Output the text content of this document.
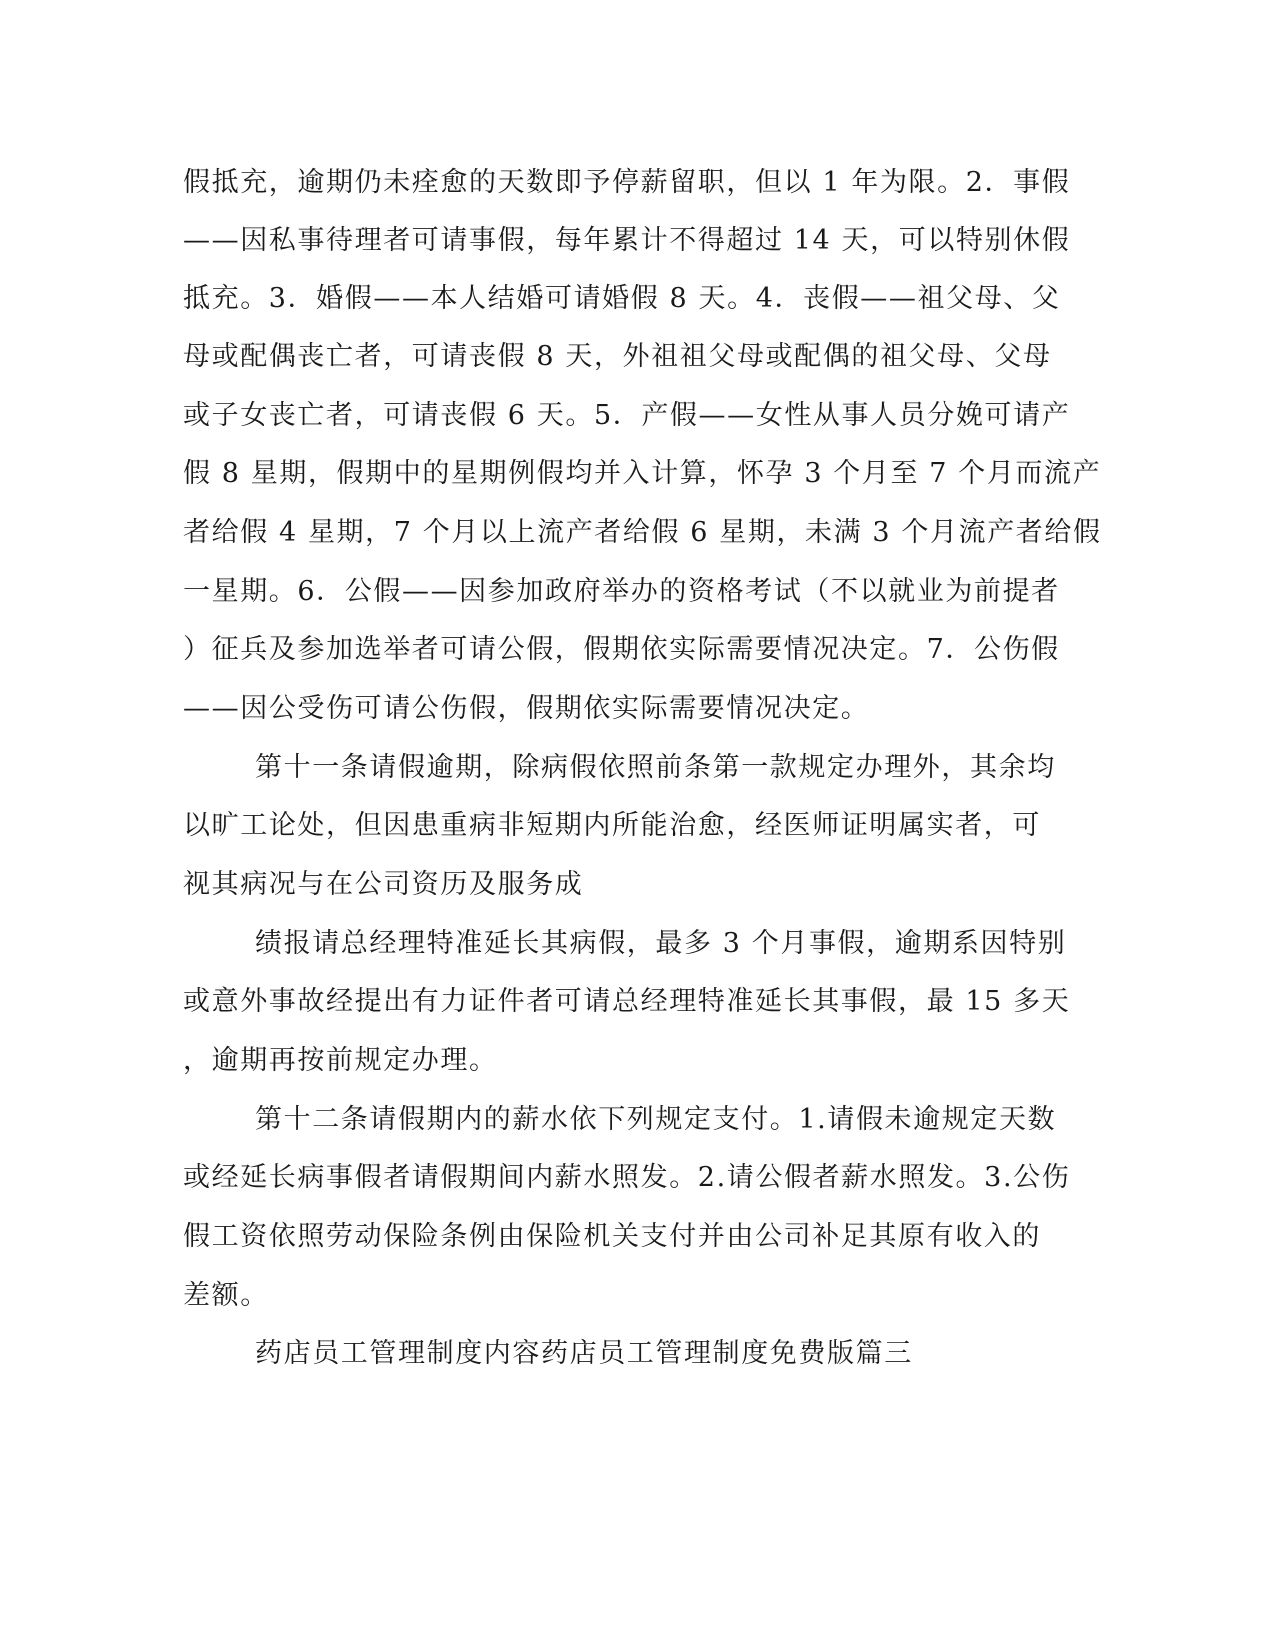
假抵充，逾期仍未痊愈的天数即予停薪留职，但以 1 年为限。2．事假
——因私事待理者可请事假，每年累计不得超过 14 天，可以特别休假
抵充。3．婚假——本人结婚可请婚假 8 天。4．丧假——祖父母、父
母或配偶丧亡者，可请丧假 8 天，外祖祖父母或配偶的祖父母、父母
或子女丧亡者，可请丧假 6 天。5．产假——女性从事人员分娩可请产
假 8 星期，假期中的星期例假均并入计算，怀孕 3 个月至 7 个月而流产
者给假 4 星期，7 个月以上流产者给假 6 星期，未满 3 个月流产者给假
一星期。6．公假——因参加政府举办的资格考试（不以就业为前提者
）征兵及参加选举者可请公假，假期依实际需要情况决定。7．公伤假
——因公受伤可请公伤假，假期依实际需要情况决定。
第十一条请假逾期，除病假依照前条第一款规定办理外，其余均
以旷工论处，但因患重病非短期内所能治愈，经医师证明属实者，可
视其病况与在公司资历及服务成
绩报请总经理特准延长其病假，最多 3 个月事假，逾期系因特别
或意外事故经提出有力证件者可请总经理特准延长其事假，最 15 多天
，逾期再按前规定办理。
第十二条请假期内的薪水依下列规定支付。1.请假未逾规定天数
或经延长病事假者请假期间内薪水照发。2.请公假者薪水照发。3.公伤
假工资依照劳动保险条例由保险机关支付并由公司补足其原有收入的
差额。
药店员工管理制度内容药店员工管理制度免费版篇三
